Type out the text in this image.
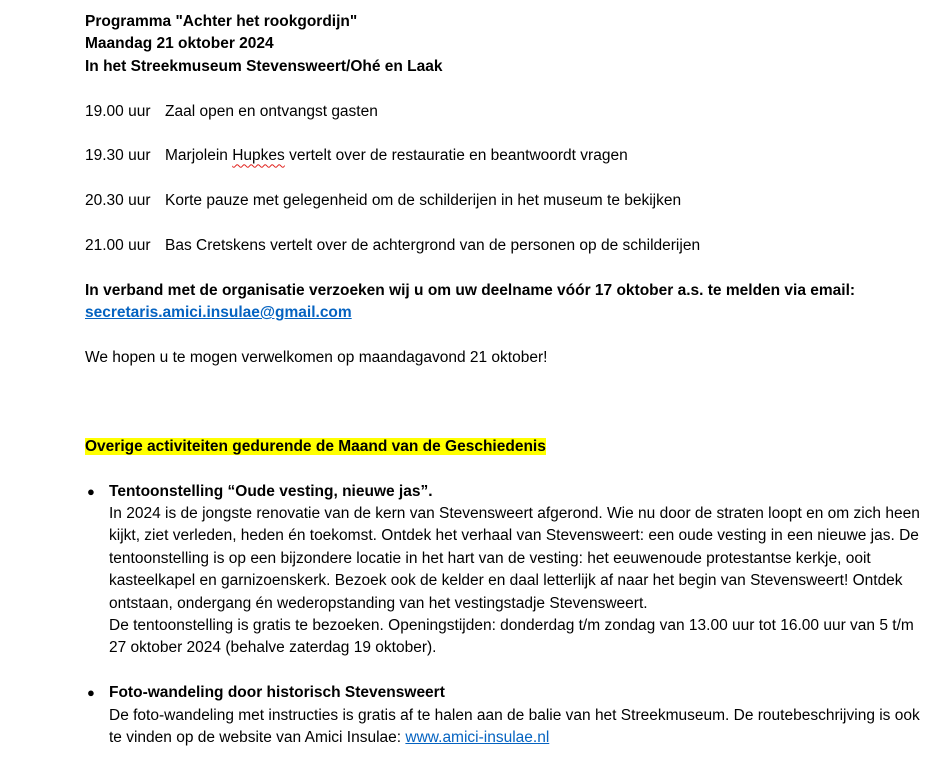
Programma "Achter het rookgordijn"

Maandag 21 oktober 2024

In het Streekmuseum Stevensweert/Ohé en Laak

19.00 uur Zaal open en ontvangst gasten

19.30 uur Marjolein Hupkes vertelt over de restauratie en beantwoordt vragen

20.30 uur Korte pauze met gelegenheid om de schilderijen in het museum te bekijken

21.00 uur Bas Cretskens vertelt over de achtergrond van de personen op de schilderijen

In verband met de organisatie verzoeken wij u om uw deelname vóór 17 oktober a.s. te melden via email: secretaris.amici.insulae@gmail.com

We hopen u te mogen verwelkomen op maandagavond 21 oktober!

Overige activiteiten gedurende de Maand van de Geschiedenis

● Tentoonstelling “Oude vesting, nieuwe jas”.

In 2024 is de jongste renovatie van de kern van Stevensweert afgerond. Wie nu door de straten loopt en om zich heen kijkt, ziet verleden, heden én toekomst. Ontdek het verhaal van Stevensweert: een oude vesting in een nieuwe jas. De tentoonstelling is op een bijzondere locatie in het hart van de vesting: het eeuwenoude protestantse kerkje, ooit kasteelkapel en garnizoenskerk. Bezoek ook de kelder en daal letterlijk af naar het begin van Stevensweert! Ontdek ontstaan, ondergang én wederopstanding van het vestingstadje Stevensweert.

De tentoonstelling is gratis te bezoeken. Openingstijden: donderdag t/m zondag van 13.00 uur tot 16.00 uur van 5 t/m 27 oktober 2024 (behalve zaterdag 19 oktober).

● Foto-wandeling door historisch Stevensweert

De foto-wandeling met instructies is gratis af te halen aan de balie van het Streekmuseum. De routebeschrijving is ook te vinden op de website van Amici Insulae: www.amici-insulae.nl
